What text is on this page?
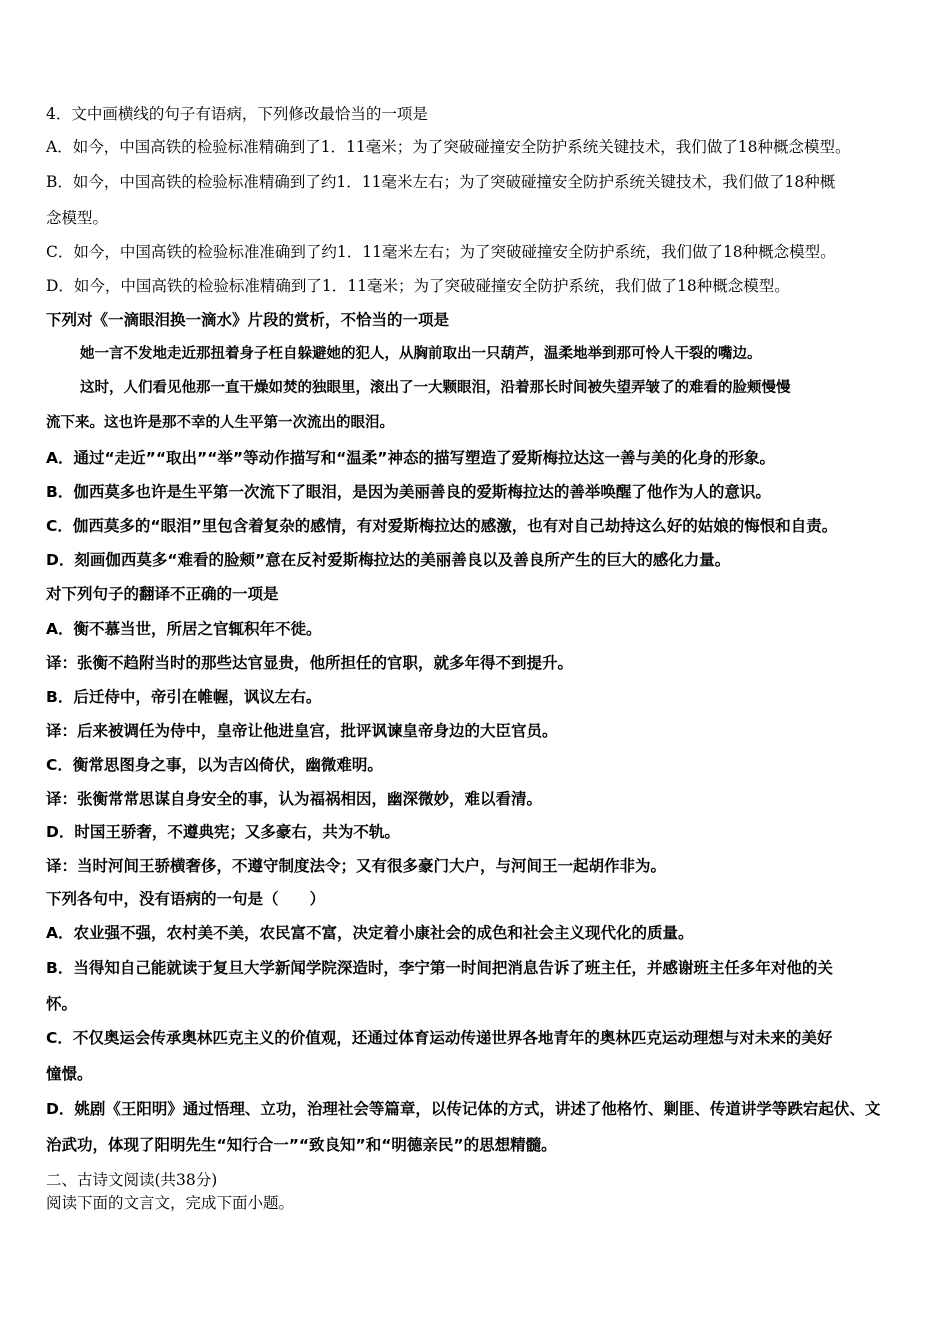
4．文中画横线的句子有语病，下列修改最恰当的一项是
A．如今，中国高铁的检验标准精确到了1．11毫米；为了突破碰撞安全防护系统关键技术，我们做了18种概念模型。
B．如今，中国高铁的检验标准精确到了约1．11毫米左右；为了突破碰撞安全防护系统关键技术，我们做了18种概
念模型。
C．如今，中国高铁的检验标准准确到了约1．11毫米左右；为了突破碰撞安全防护系统，我们做了18种概念模型。
D．如今，中国高铁的检验标准精确到了1．11毫米；为了突破碰撞安全防护系统，我们做了18种概念模型。
下列对《一滴眼泪换一滴水》片段的赏析，不恰当的一项是
她一言不发地走近那扭着身子枉自躲避她的犯人，从胸前取出一只葫芦，温柔地举到那可怜人干裂的嘴边。
这时，人们看见他那一直干燥如焚的独眼里，滚出了一大颗眼泪，沿着那长时间被失望弄皱了的难看的脸颊慢慢
流下来。这也许是那不幸的人生平第一次流出的眼泪。
A．通过“走近”“取出”“举”等动作描写和“温柔”神态的描写塑造了爱斯梅拉达这一善与美的化身的形象。
B．伽西莫多也许是生平第一次流下了眼泪，是因为美丽善良的爱斯梅拉达的善举唤醒了他作为人的意识。
C．伽西莫多的“眼泪”里包含着复杂的感情，有对爱斯梅拉达的感激，也有对自己劫持这么好的姑娘的悔恨和自责。
D．刻画伽西莫多“难看的脸颊”意在反衬爱斯梅拉达的美丽善良以及善良所产生的巨大的感化力量。
对下列句子的翻译不正确的一项是
A．衡不慕当世，所居之官辄积年不徙。
译：张衡不趋附当时的那些达官显贵，他所担任的官职，就多年得不到提升。
B．后迁侍中，帝引在帷幄，讽议左右。
译：后来被调任为侍中，皇帝让他进皇宫，批评讽谏皇帝身边的大臣官员。
C．衡常思图身之事，以为吉凶倚伏，幽微难明。
译：张衡常常思谋自身安全的事，认为福祸相因，幽深微妙，难以看清。
D．时国王骄奢，不遵典宪；又多豪右，共为不轨。
译：当时河间王骄横奢侈，不遵守制度法令；又有很多豪门大户，与河间王一起胡作非为。
下列各句中，没有语病的一句是（　　）
A．农业强不强，农村美不美，农民富不富，决定着小康社会的成色和社会主义现代化的质量。
B．当得知自己能就读于复旦大学新闻学院深造时，李宁第一时间把消息告诉了班主任，并感谢班主任多年对他的关
怀。
C．不仅奥运会传承奥林匹克主义的价值观，还通过体育运动传递世界各地青年的奥林匹克运动理想与对未来的美好
憧憬。
D．姚剧《王阳明》通过悟理、立功，治理社会等篇章，以传记体的方式，讲述了他格竹、剿匪、传道讲学等跌宕起伏、文
治武功，体现了阳明先生“知行合一”“致良知”和“明德亲民”的思想精髓。
二、古诗文阅读(共38分)
阅读下面的文言文，完成下面小题。
